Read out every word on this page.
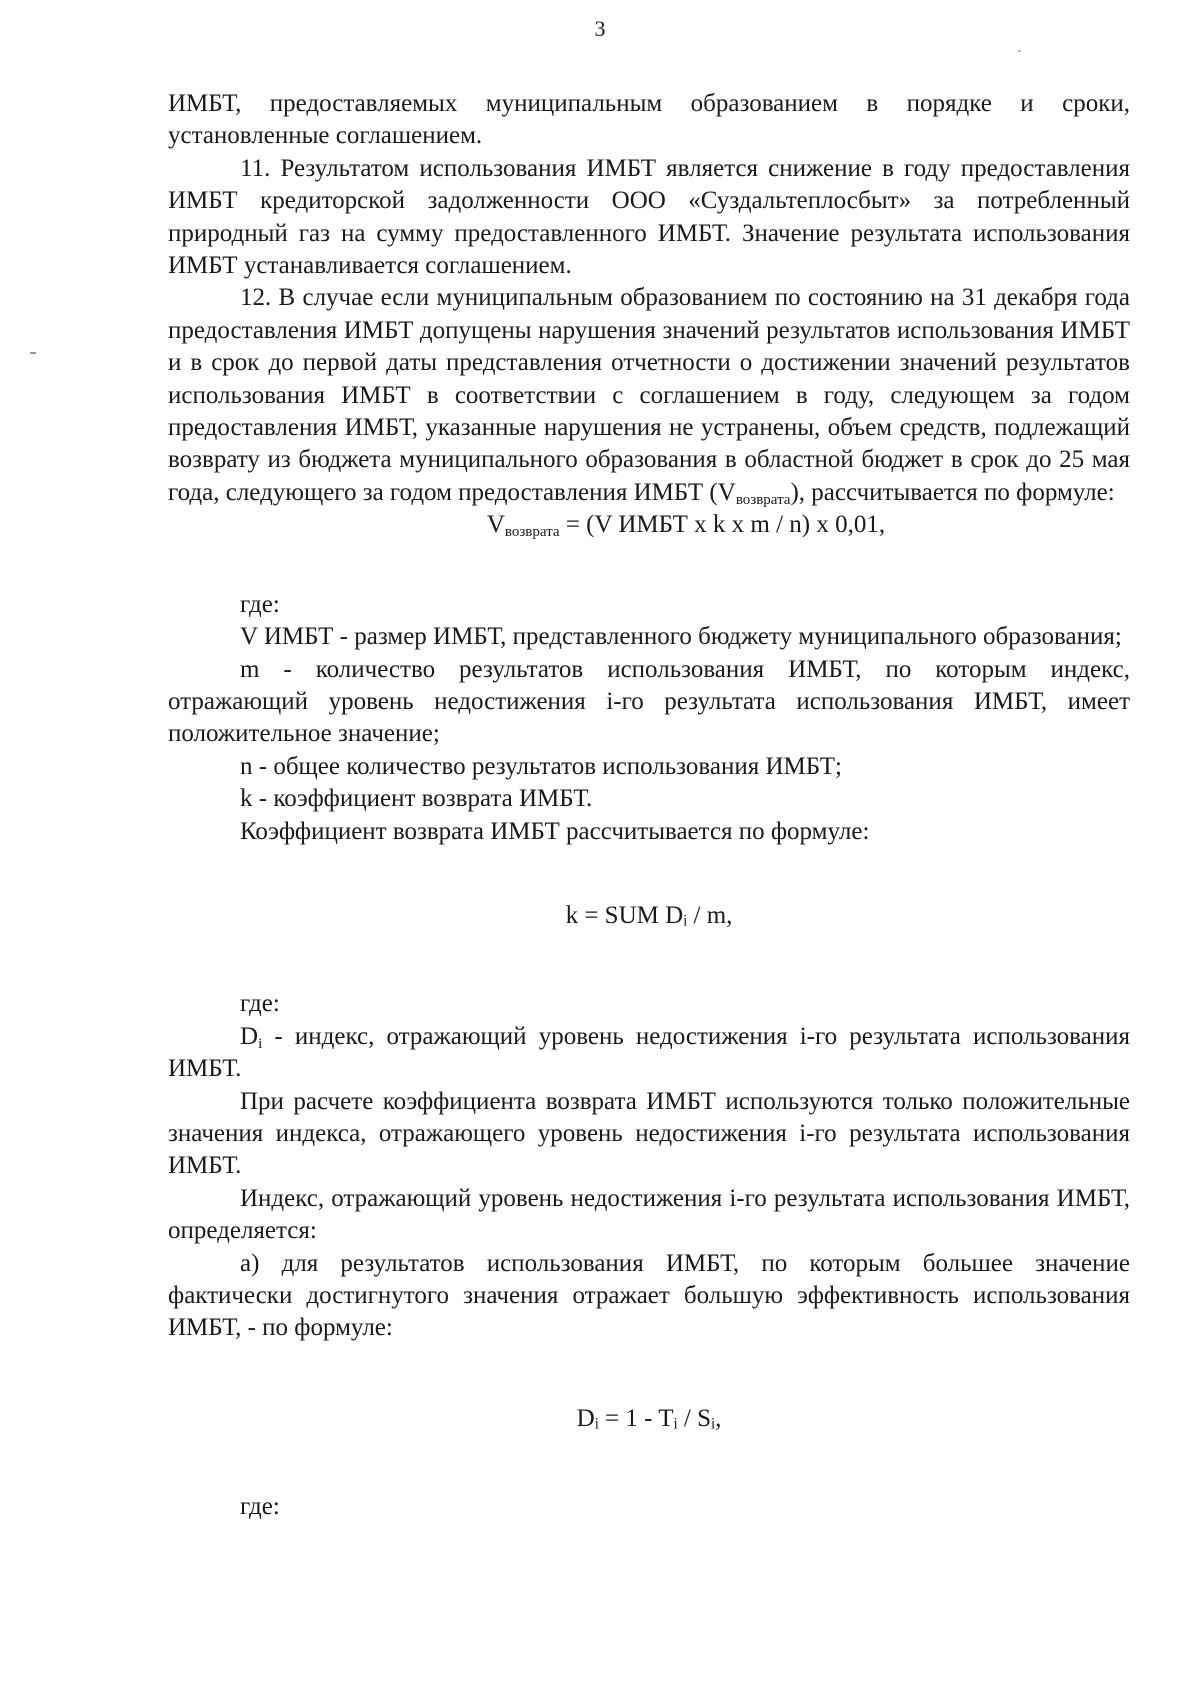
3

ИМБТ, предоставляемых муниципальным образованием в порядке и сроки, установленные соглашением.

11. Результатом использования ИМБТ является снижение в году предоставления ИМБТ кредиторской задолженности ООО «Суздальтеплосбыт» за потребленный природный газ на сумму предоставленного ИМБТ. Значение результата использования ИМБТ устанавливается соглашением.

12. В случае если муниципальным образованием по состоянию на 31 декабря года предоставления ИМБТ допущены нарушения значений результатов использования ИМБТ и в срок до первой даты представления отчетности о достижении значений результатов использования ИМБТ в соответствии с соглашением в году, следующем за годом предоставления ИМБТ, указанные нарушения не устранены, объем средств, подлежащий возврату из бюджета муниципального образования в областной бюджет в срок до 25 мая года, следующего за годом предоставления ИМБТ $(V_{возврата})$, рассчитывается по формуле:

$V_{возврата} = (V$ ИМБТ x k x m / n) x 0,01,

где:

V ИМБТ - размер ИМБТ, представленного бюджету муниципального образования;

m - количество результатов использования ИМБТ, по которым индекс, отражающий уровень недостижения i-го результата использования ИМБТ, имеет положительное значение;

n - общее количество результатов использования ИМБТ;

k - коэффициент возврата ИМБТ.

Коэффициент возврата ИМБТ рассчитывается по формуле:

k = SUM Dᵢ / m,

где:

$D_i$ - индекс, отражающий уровень недостижения i-го результата использования ИМБТ.

При расчете коэффициента возврата ИМБТ используются только положительные значения индекса, отражающего уровень недостижения i-го результата использования ИМБТ.

Индекс, отражающий уровень недостижения i-го результата использования ИМБТ, определяется:

а) для результатов использования ИМБТ, по которым большее значение фактически достигнутого значения отражает большую эффективность использования ИМБТ, - по формуле:

Dᵢ = 1 - Tᵢ / Sᵢ,

где:
